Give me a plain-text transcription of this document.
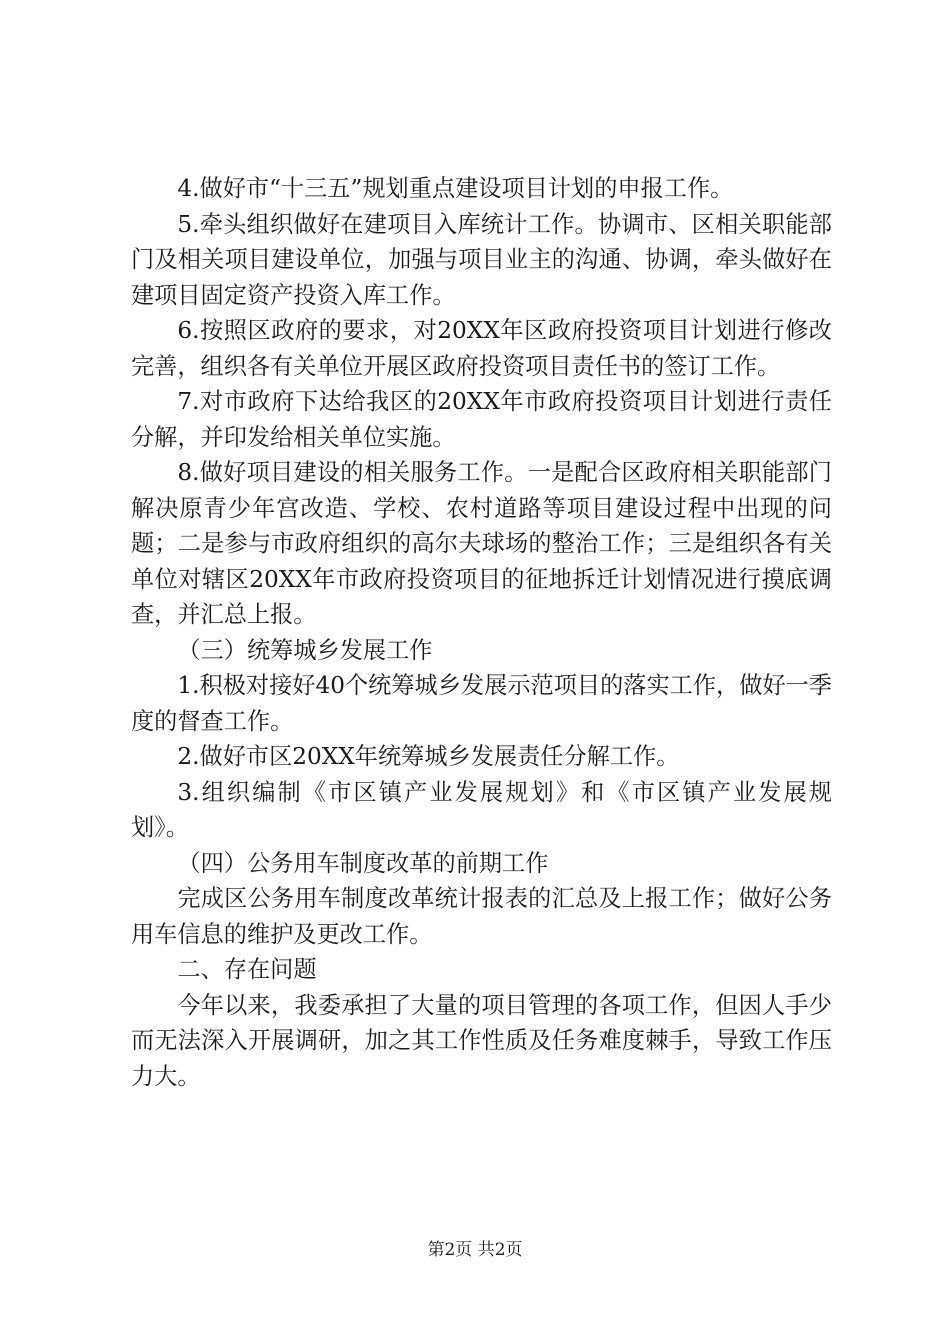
4.做好市“十三五”规划重点建设项目计划的申报工作。

5.牵头组织做好在建项目入库统计工作。协调市、区相关职能部门及相关项目建设单位，加强与项目业主的沟通、协调，牵头做好在建项目固定资产投资入库工作。

6.按照区政府的要求，对20XX年区政府投资项目计划进行修改完善，组织各有关单位开展区政府投资项目责任书的签订工作。

7.对市政府下达给我区的20XX年市政府投资项目计划进行责任分解，并印发给相关单位实施。

8.做好项目建设的相关服务工作。一是配合区政府相关职能部门解决原青少年宫改造、学校、农村道路等项目建设过程中出现的问题；二是参与市政府组织的高尔夫球场的整治工作；三是组织各有关单位对辖区20XX年市政府投资项目的征地拆迁计划情况进行摸底调查，并汇总上报。

（三）统筹城乡发展工作

1.积极对接好40个统筹城乡发展示范项目的落实工作，做好一季度的督查工作。

2.做好市区20XX年统筹城乡发展责任分解工作。

3.组织编制《市区镇产业发展规划》和《市区镇产业发展规划》。

（四）公务用车制度改革的前期工作

完成区公务用车制度改革统计报表的汇总及上报工作；做好公务用车信息的维护及更改工作。

二、存在问题

今年以来，我委承担了大量的项目管理的各项工作，但因人手少而无法深入开展调研，加之其工作性质及任务难度棘手，导致工作压力大。

第2页 共2页
